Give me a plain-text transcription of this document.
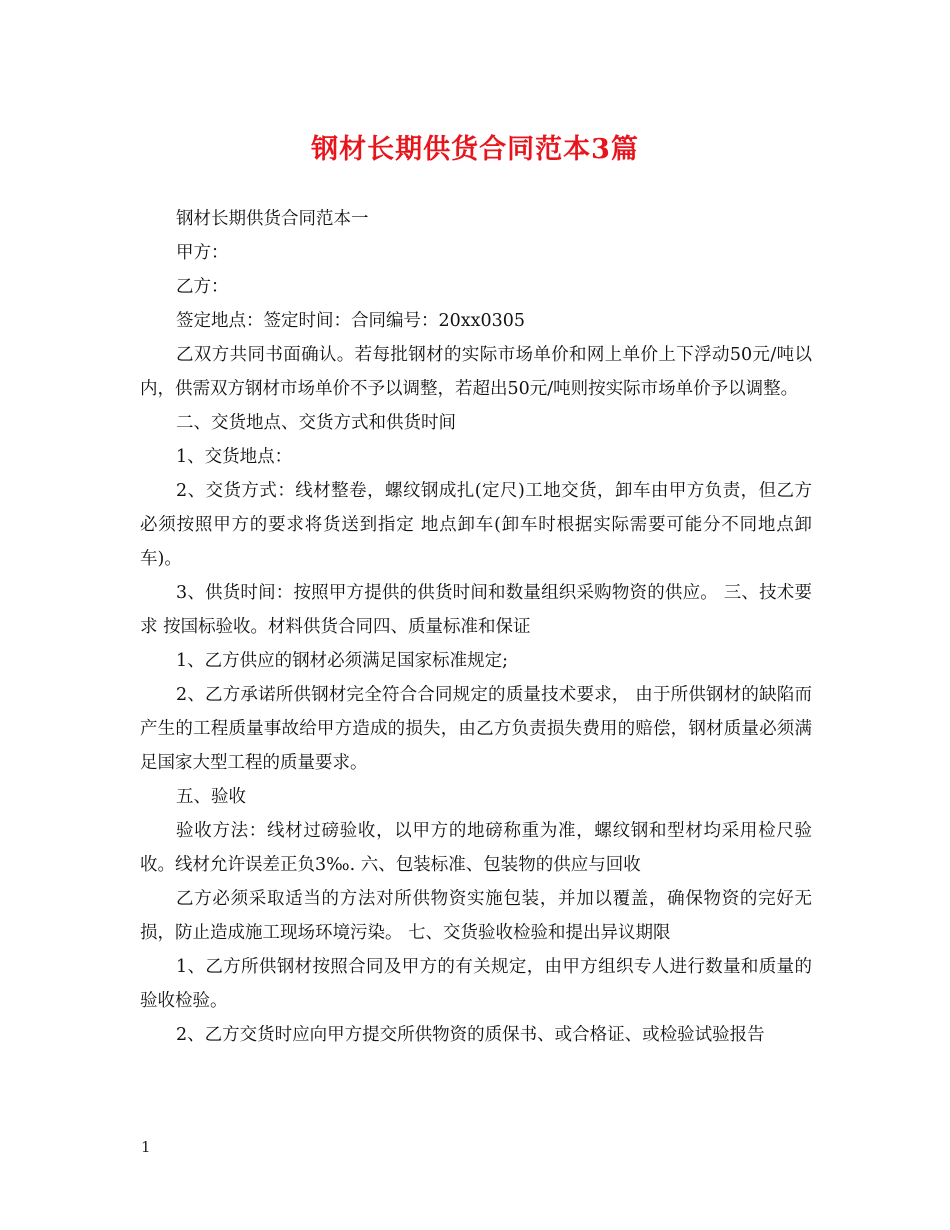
钢材长期供货合同范本3篇

钢材长期供货合同范本一

甲方：

乙方：

签定地点：签定时间：合同编号：20xx0305

乙双方共同书面确认。若每批钢材的实际市场单价和网上单价上下浮动50元/吨以内，供需双方钢材市场单价不予以调整，若超出50元/吨则按实际市场单价予以调整。

二、交货地点、交货方式和供货时间

1、交货地点：

2、交货方式：线材整卷，螺纹钢成扎(定尺)工地交货，卸车由甲方负责，但乙方必须按照甲方的要求将货送到指定 地点卸车(卸车时根据实际需要可能分不同地点卸车)。

3、供货时间：按照甲方提供的供货时间和数量组织采购物资的供应。 三、技术要求 按国标验收。材料供货合同四、质量标准和保证

1、乙方供应的钢材必须满足国家标准规定;

2、乙方承诺所供钢材完全符合合同规定的质量技术要求， 由于所供钢材的缺陷而产生的工程质量事故给甲方造成的损失，由乙方负责损失费用的赔偿，钢材质量必须满足国家大型工程的质量要求。

五、验收

验收方法：线材过磅验收，以甲方的地磅称重为准，螺纹钢和型材均采用检尺验收。线材允许误差正负3‰. 六、包装标准、包装物的供应与回收

乙方必须采取适当的方法对所供物资实施包装，并加以覆盖，确保物资的完好无损，防止造成施工现场环境污染。 七、交货验收检验和提出异议期限

1、乙方所供钢材按照合同及甲方的有关规定，由甲方组织专人进行数量和质量的验收检验。

2、乙方交货时应向甲方提交所供物资的质保书、或合格证、或检验试验报告

1
